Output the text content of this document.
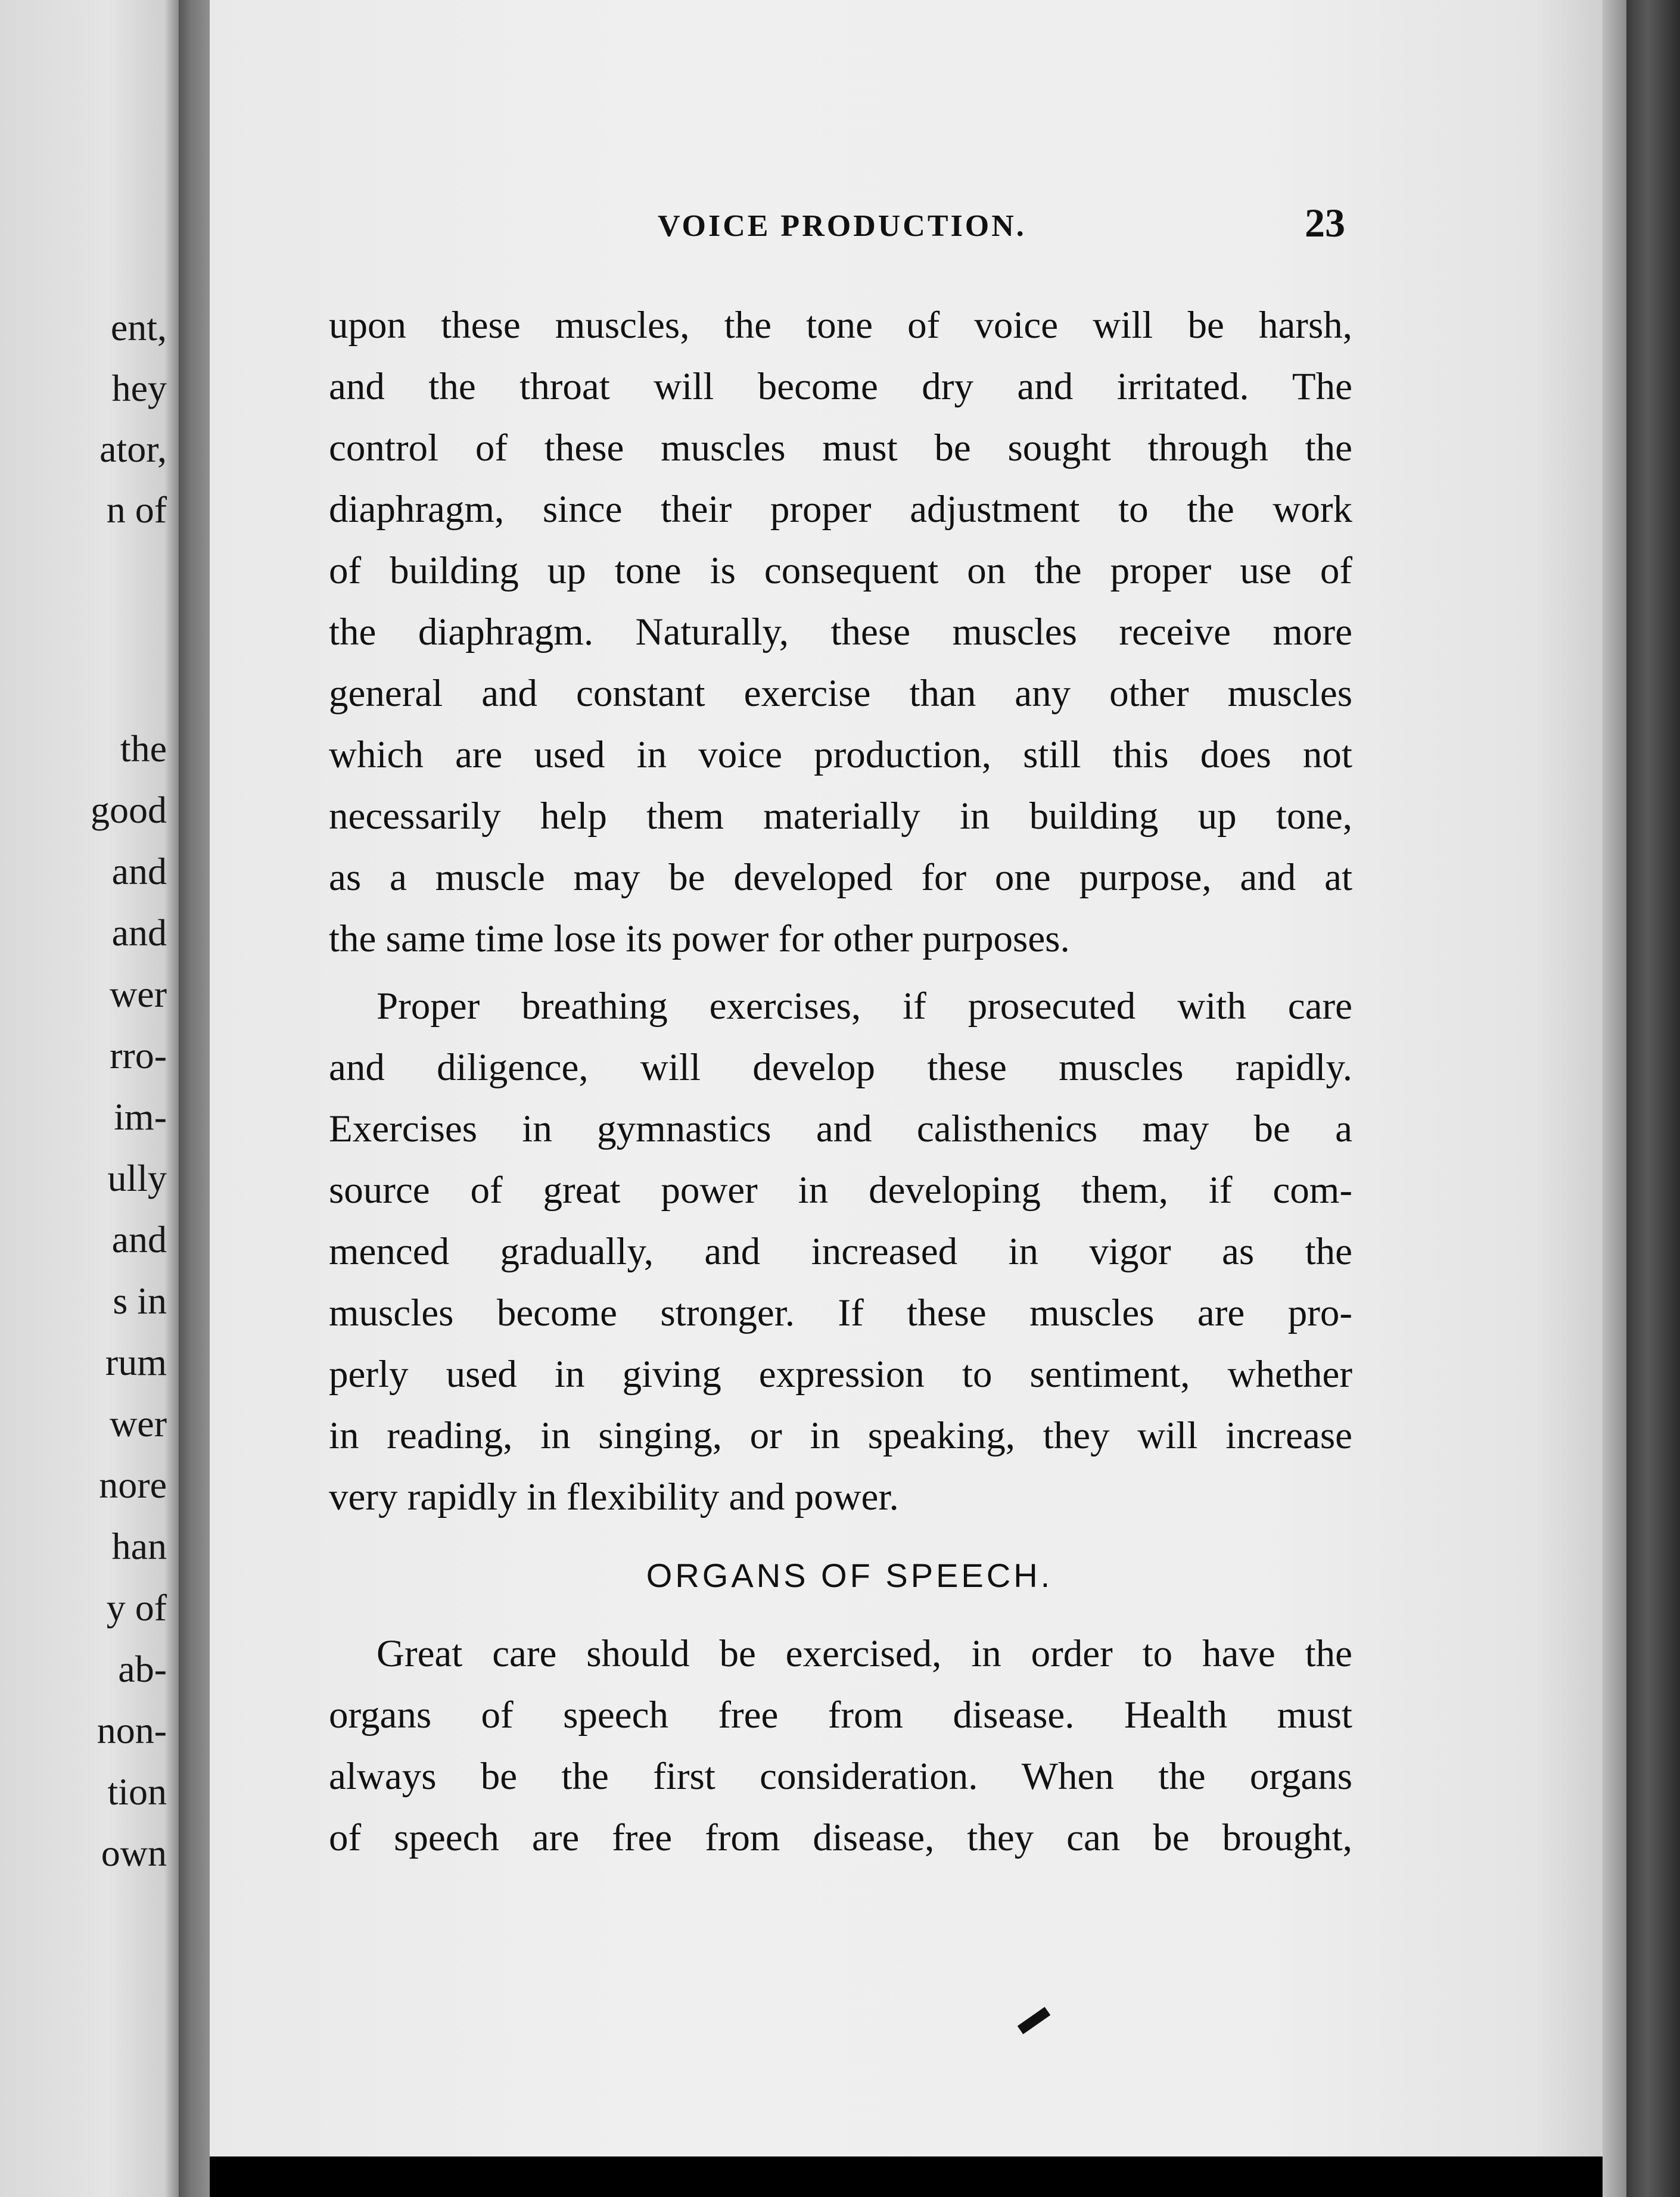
ent,
hey
ator,
n of
the
good
and
and
wer
rro-
im-
ully
and
s in
rum
wer
nore
han
y of
ab-
non-
tion
own
VOICE PRODUCTION.	23
upon these muscles, the tone of voice will be harsh,
and the throat will become dry and irritated. The
control of these muscles must be sought through the
diaphragm, since their proper adjustment to the work
of building up tone is consequent on the proper use of
the diaphragm. Naturally, these muscles receive more
general and constant exercise than any other muscles
which are used in voice production, still this does not
necessarily help them materially in building up tone,
as a muscle may be developed for one purpose, and at
the same time lose its power for other purposes.
Proper breathing exercises, if prosecuted with care
and diligence, will develop these muscles rapidly.
Exercises in gymnastics and calisthenics may be a
source of great power in developing them, if com-
menced gradually, and increased in vigor as the
muscles become stronger. If these muscles are pro-
perly used in giving expression to sentiment, whether
in reading, in singing, or in speaking, they will increase
very rapidly in flexibility and power.
ORGANS OF SPEECH.
Great care should be exercised, in order to have the
organs of speech free from disease. Health must
always be the first consideration. When the organs
of speech are free from disease, they can be brought,
▬
